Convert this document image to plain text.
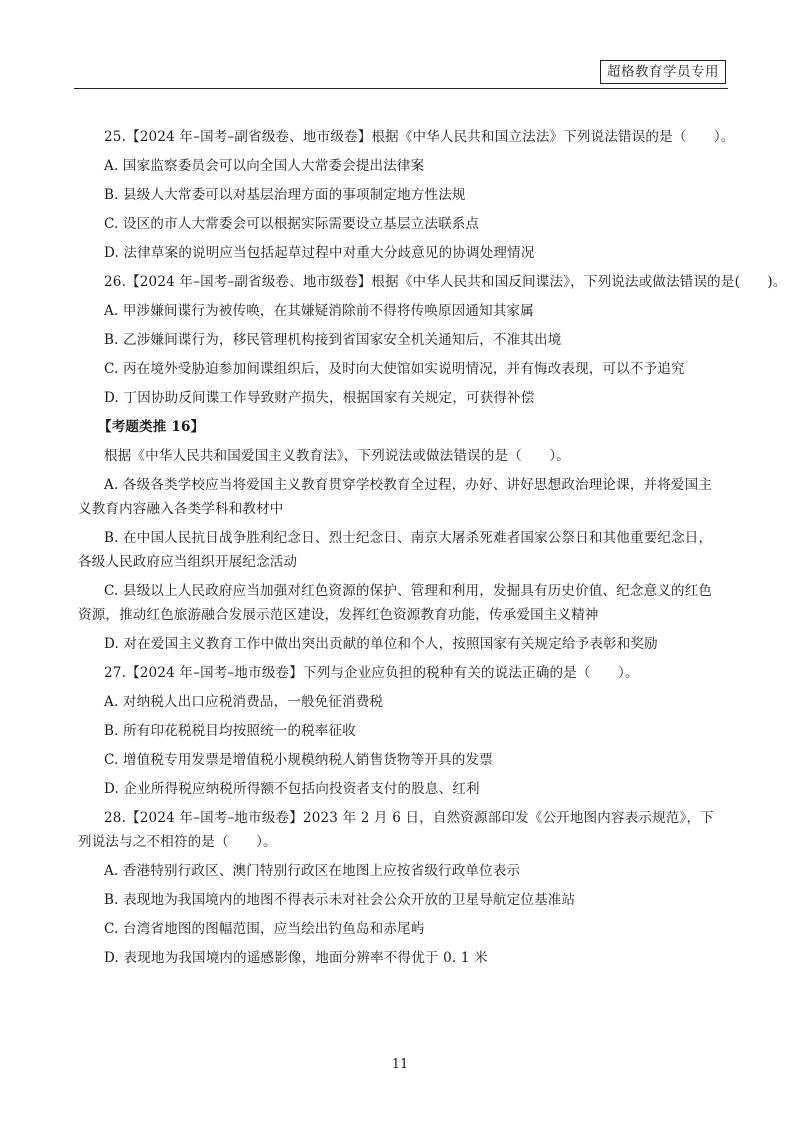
超格教育学员专用

25.【2024 年–国考–副省级卷、地市级卷】根据《中华人民共和国立法法》下列说法错误的是（　　）。

A. 国家监察委员会可以向全国人大常委会提出法律案

B. 县级人大常委可以对基层治理方面的事项制定地方性法规

C. 设区的市人大常委会可以根据实际需要设立基层立法联系点

D. 法律草案的说明应当包括起草过程中对重大分歧意见的协调处理情况

26.【2024 年–国考–副省级卷、地市级卷】根据《中华人民共和国反间谍法》，下列说法或做法错误的是(　　)。

A. 甲涉嫌间谍行为被传唤，在其嫌疑消除前不得将传唤原因通知其家属

B. 乙涉嫌间谍行为，移民管理机构接到省国家安全机关通知后，不准其出境

C. 丙在境外受胁迫参加间谍组织后，及时向大使馆如实说明情况，并有悔改表现，可以不予追究

D. 丁因协助反间谍工作导致财产损失，根据国家有关规定，可获得补偿

【考题类推 16】

根据《中华人民共和国爱国主义教育法》，下列说法或做法错误的是（　　）。

A. 各级各类学校应当将爱国主义教育贯穿学校教育全过程，办好、讲好思想政治理论课，并将爱国主义教育内容融入各类学科和教材中

B. 在中国人民抗日战争胜利纪念日、烈士纪念日、南京大屠杀死难者国家公祭日和其他重要纪念日，各级人民政府应当组织开展纪念活动

C. 县级以上人民政府应当加强对红色资源的保护、管理和利用，发掘具有历史价值、纪念意义的红色资源，推动红色旅游融合发展示范区建设，发挥红色资源教育功能，传承爱国主义精神

D. 对在爱国主义教育工作中做出突出贡献的单位和个人，按照国家有关规定给予表彰和奖励

27.【2024 年–国考–地市级卷】下列与企业应负担的税种有关的说法正确的是（　　）。

A. 对纳税人出口应税消费品，一般免征消费税

B. 所有印花税税目均按照统一的税率征收

C. 增值税专用发票是增值税小规模纳税人销售货物等开具的发票

D. 企业所得税应纳税所得额不包括向投资者支付的股息、红利

28.【2024 年–国考–地市级卷】2023 年 2 月 6 日，自然资源部印发《公开地图内容表示规范》，下列说法与之不相符的是（　　）。

A. 香港特别行政区、澳门特别行政区在地图上应按省级行政单位表示

B. 表现地为我国境内的地图不得表示未对社会公众开放的卫星导航定位基准站

C. 台湾省地图的图幅范围，应当绘出钓鱼岛和赤尾屿

D. 表现地为我国境内的遥感影像，地面分辨率不得优于 0. 1 米

11
